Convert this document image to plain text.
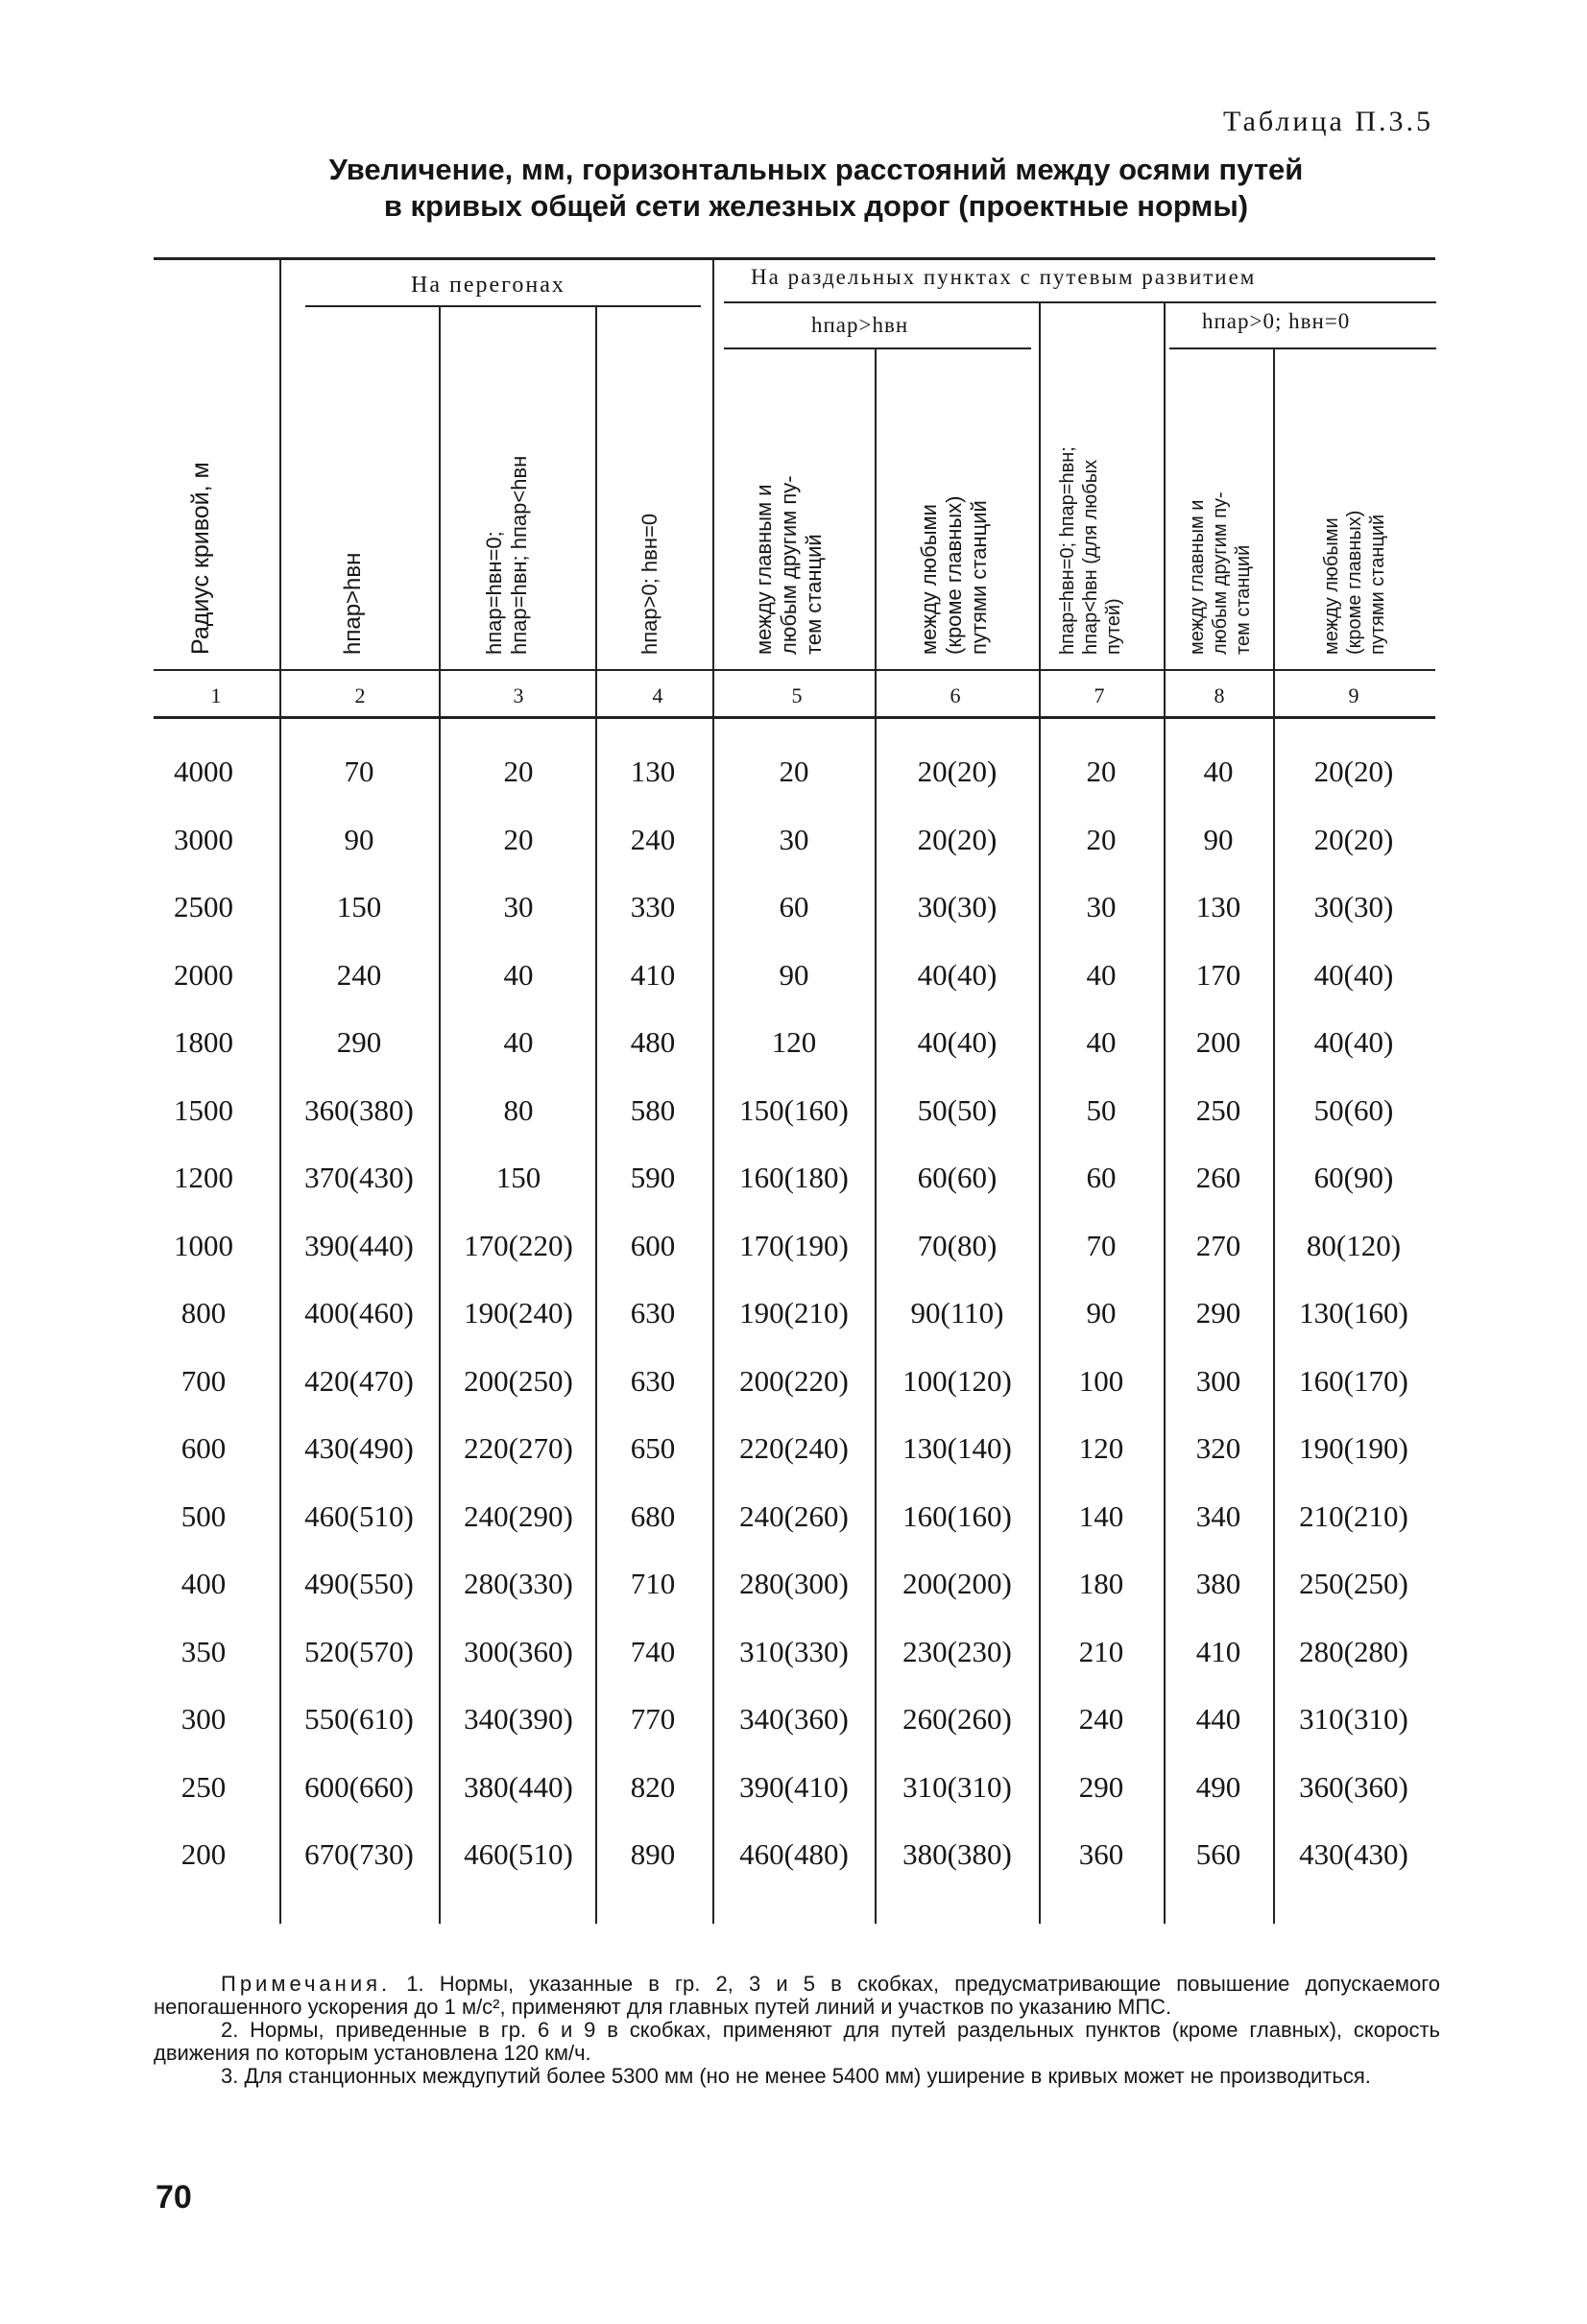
Таблица П.3.5
Увеличение, мм, горизонтальных расстояний между осями путей
в кривых общей сети железных дорог (проектные нормы)
На перегонах	На раздельных пунктах с путевым развитием
hпар>hвн	hпар>0; hвн=0
Радиус кривой, м	hпар>hвн	hпар=hвн=0; hпар=hвн; hпар<hвн	hпар>0; hвн=0	между главным и любым другим пу- тем станций	между любыми (кроме главных) путями станций	hпар=hвн=0; hпар=hвн; hпар<hвн (для любых путей)	между главным и любым другим пу- тем станций	между любыми (кроме главных) путями станций
1	2	3	4	5	6	7	8	9
4000	70	20	130	20	20(20)	20	40	20(20)
3000	90	20	240	30	20(20)	20	90	20(20)
2500	150	30	330	60	30(30)	30	130 30(30)
2000	240	40	410	90	40(40)	40	170 40(40)
1800	290	40	480	120	40(40)	40	200 40(40)
1500 360(380)	80	580 150(160) 50(50)	50	250 50(60)
1200 370(430)	150	590 160(180) 60(60)	60	260 60(90)
1000 390(440) 170(220) 600 170(190) 70(80)	70	270 80(120)
800	400(460) 190(240) 630 190(210) 90(110)	90	290 130(160)
700	420(470) 200(250) 630 200(220) 100(120) 100 300 160(170)
600	430(490) 220(270) 650 220(240) 130(140) 120 320 190(190)
500	460(510) 240(290) 680 240(260) 160(160) 140 340 210(210)
400	490(550) 280(330) 710 280(300) 200(200) 180 380 250(250)
350	520(570) 300(360) 740 310(330) 230(230) 210 410 280(280)
300	550(610) 340(390) 770 340(360) 260(260) 240 440 310(310)
250	600(660) 380(440) 820 390(410) 310(310) 290 490 360(360)
200	670(730) 460(510) 890 460(480) 380(380) 360 560 430(430)

Примечания. 1. Нормы, указанные в гр. 2, 3 и 5 в скобках, предусматривающие повышение допускаемого непогашенного ускорения до 1 м/с², применяют для главных путей линий и участков по указанию МПС.

2. Нормы, приведенные в гр. 6 и 9 в скобках, применяют для путей раздельных пунктов (кроме главных), скорость движения по которым установлена 120 км/ч.

3. Для станционных междупутий более 5300 мм (но не менее 5400 мм) уширение в кривых может не производиться.

70
